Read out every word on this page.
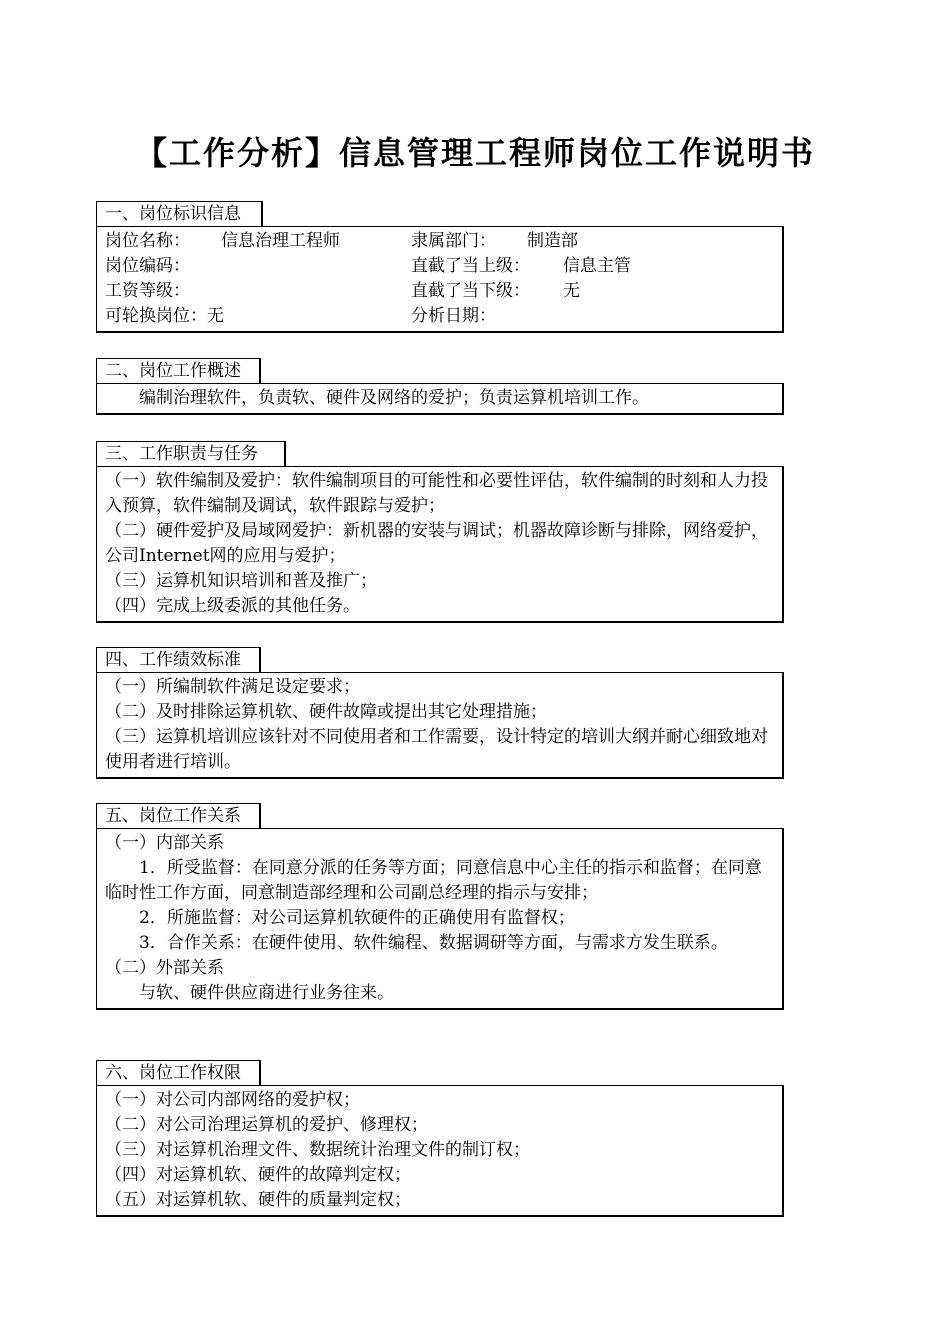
【工作分析】信息管理工程师岗位工作说明书
一、岗位标识信息
岗位名称： 信息治理工程师	隶属部门： 制造部
岗位编码：	直截了当上级： 信息主管
工资等级：	直截了当下级： 无
可轮换岗位：无	分析日期：
二、岗位工作概述
编制治理软件，负责软、硬件及网络的爱护；负责运算机培训工作。
三、工作职责与任务
（一）软件编制及爱护：软件编制项目的可能性和必要性评估，软件编制的时刻和人力投入预算，软件编制及调试，软件跟踪与爱护；
（二）硬件爱护及局域网爱护：新机器的安装与调试；机器故障诊断与排除，网络爱护，公司Internet网的应用与爱护；
（三）运算机知识培训和普及推广；
（四）完成上级委派的其他任务。
四、工作绩效标准
（一）所编制软件满足设定要求；
（二）及时排除运算机软、硬件故障或提出其它处理措施；
（三）运算机培训应该针对不同使用者和工作需要，设计特定的培训大纲并耐心细致地对使用者进行培训。
五、岗位工作关系
（一）内部关系
1．所受监督：在同意分派的任务等方面；同意信息中心主任的指示和监督；在同意临时性工作方面，同意制造部经理和公司副总经理的指示与安排；
2．所施监督：对公司运算机软硬件的正确使用有监督权；
3．合作关系：在硬件使用、软件编程、数据调研等方面，与需求方发生联系。
（二）外部关系
与软、硬件供应商进行业务往来。
六、岗位工作权限
（一）对公司内部网络的爱护权；
（二）对公司治理运算机的爱护、修理权；
（三）对运算机治理文件、数据统计治理文件的制订权；
（四）对运算机软、硬件的故障判定权；
（五）对运算机软、硬件的质量判定权；
